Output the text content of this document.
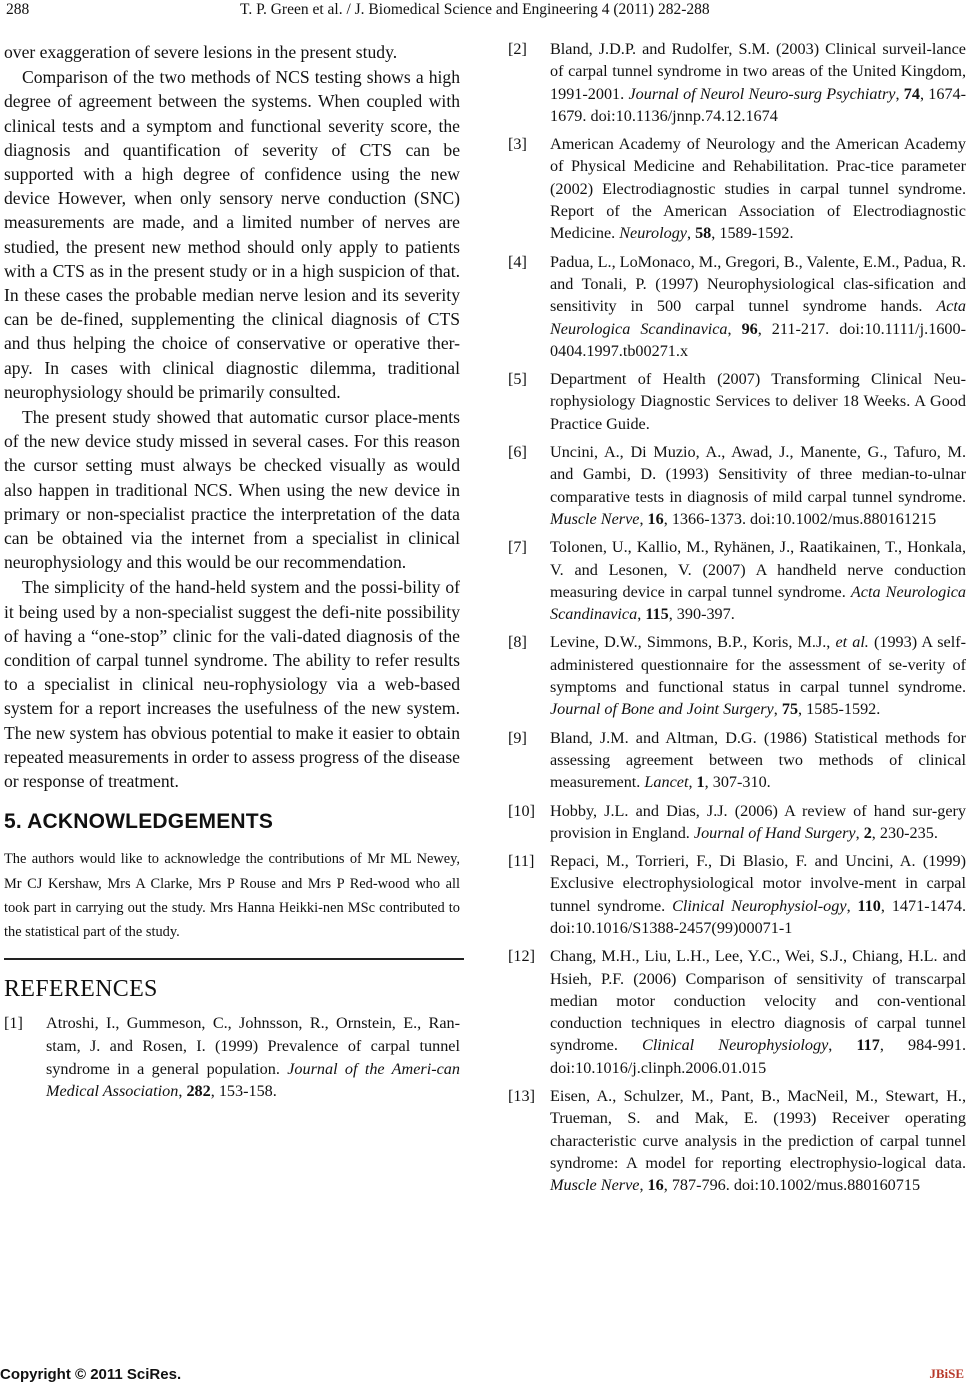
288	T. P. Green et al. / J. Biomedical Science and Engineering 4 (2011) 282-288

over exaggeration of severe lesions in the present study.

Comparison of the two methods of NCS testing shows a high degree of agreement between the systems. When coupled with clinical tests and a symptom and functional severity score, the diagnosis and quantification of severity of CTS can be supported with a high degree of confidence using the new device However, when only sensory nerve conduction (SNC) measurements are made, and a limited number of nerves are studied, the present new method should only apply to patients with a CTS as in the present study or in a high suspicion of that. In these cases the probable median nerve lesion and its severity can be de-fined, supplementing the clinical diagnosis of CTS and thus helping the choice of conservative or operative ther-apy. In cases with clinical diagnostic dilemma, traditional neurophysiology should be primarily consulted.

The present study showed that automatic cursor place-ments of the new device study missed in several cases. For this reason the cursor setting must always be checked visually as would also happen in traditional NCS. When using the new device in primary or non-specialist practice the interpretation of the data can be obtained via the internet from a specialist in clinical neurophysiology and this would be our recommendation.

The simplicity of the hand-held system and the possi-bility of it being used by a non-specialist suggest the defi-nite possibility of having a “one-stop” clinic for the vali-dated diagnosis of the condition of carpal tunnel syndrome. The ability to refer results to a specialist in clinical neu-rophysiology via a web-based system for a report increases the usefulness of the new system. The new system has obvious potential to make it easier to obtain repeated measurements in order to assess progress of the disease or response of treatment.

5. ACKNOWLEDGEMENTS

The authors would like to acknowledge the contributions of Mr ML Newey, Mr CJ Kershaw, Mrs A Clarke, Mrs P Rouse and Mrs P Red-wood who all took part in carrying out the study. Mrs Hanna Heikki-nen MSc contributed to the statistical part of the study.

REFERENCES
[1] Atroshi, I., Gummeson, C., Johnsson, R., Ornstein, E., Ran-stam, J. and Rosen, I. (1999) Prevalence of carpal tunnel syndrome in a general population. Journal of the Ameri-can Medical Association, 282, 153-158.
[2] Bland, J.D.P. and Rudolfer, S.M. (2003) Clinical surveil-lance of carpal tunnel syndrome in two areas of the United Kingdom, 1991-2001. Journal of Neurol Neuro-surg Psychiatry, 74, 1674-1679. doi:10.1136/jnnp.74.12.1674
[3] American Academy of Neurology and the American Academy of Physical Medicine and Rehabilitation. Prac-tice parameter (2002) Electrodiagnostic studies in carpal tunnel syndrome. Report of the American Association of Electrodiagnostic Medicine. Neurology, 58, 1589-1592.
[4] Padua, L., LoMonaco, M., Gregori, B., Valente, E.M., Padua, R. and Tonali, P. (1997) Neurophysiological clas-sification and sensitivity in 500 carpal tunnel syndrome hands. Acta Neurologica Scandinavica, 96, 211-217. doi:10.1111/j.1600-0404.1997.tb00271.x
[5] Department of Health (2007) Transforming Clinical Neu-rophysiology Diagnostic Services to deliver 18 Weeks. A Good Practice Guide.
[6] Uncini, A., Di Muzio, A., Awad, J., Manente, G., Tafuro, M. and Gambi, D. (1993) Sensitivity of three median-to-ulnar comparative tests in diagnosis of mild carpal tunnel syndrome. Muscle Nerve, 16, 1366-1373. doi:10.1002/mus.880161215
[7] Tolonen, U., Kallio, M., Ryhänen, J., Raatikainen, T., Honkala, V. and Lesonen, V. (2007) A handheld nerve conduction measuring device in carpal tunnel syndrome. Acta Neurologica Scandinavica, 115, 390-397.
[8] Levine, D.W., Simmons, B.P., Koris, M.J., et al. (1993) A self-administered questionnaire for the assessment of se-verity of symptoms and functional status in carpal tunnel syndrome. Journal of Bone and Joint Surgery, 75, 1585-1592.
[9] Bland, J.M. and Altman, D.G. (1986) Statistical methods for assessing agreement between two methods of clinical measurement. Lancet, 1, 307-310.
[10] Hobby, J.L. and Dias, J.J. (2006) A review of hand sur-gery provision in England. Journal of Hand Surgery, 2, 230-235.
[11] Repaci, M., Torrieri, F., Di Blasio, F. and Uncini, A. (1999) Exclusive electrophysiological motor involve-ment in carpal tunnel syndrome. Clinical Neurophysiol-ogy, 110, 1471-1474. doi:10.1016/S1388-2457(99)00071-1
[12] Chang, M.H., Liu, L.H., Lee, Y.C., Wei, S.J., Chiang, H.L. and Hsieh, P.F. (2006) Comparison of sensitivity of transcarpal median motor conduction velocity and con-ventional conduction techniques in electro diagnosis of carpal tunnel syndrome. Clinical Neurophysiology, 117, 984-991. doi:10.1016/j.clinph.2006.01.015
[13] Eisen, A., Schulzer, M., Pant, B., MacNeil, M., Stewart, H., Trueman, S. and Mak, E. (1993) Receiver operating characteristic curve analysis in the prediction of carpal tunnel syndrome: A model for reporting electrophysio-logical data. Muscle Nerve, 16, 787-796. doi:10.1002/mus.880160715
Copyright © 2011 SciRes.	JBiSE
